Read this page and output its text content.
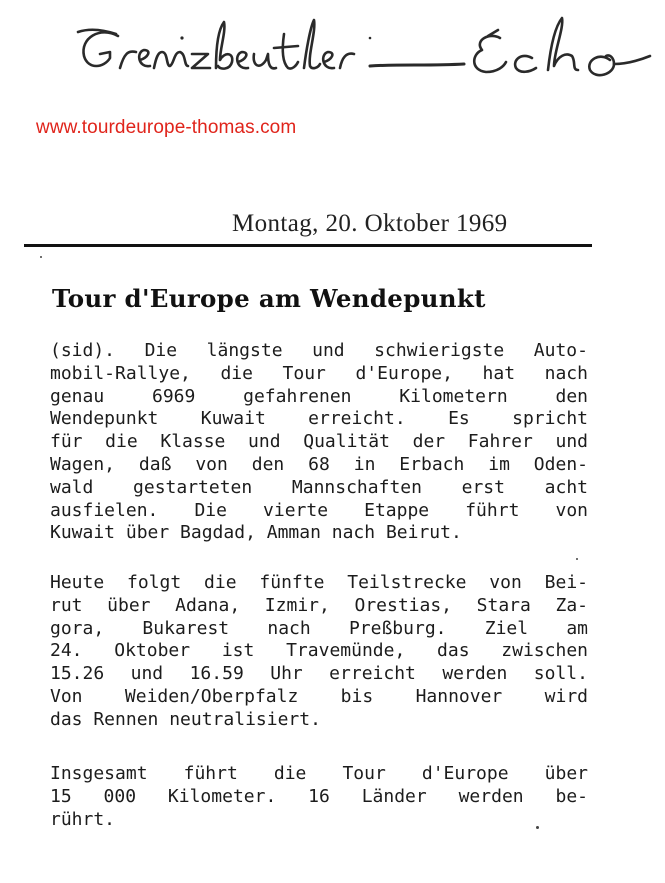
www.tourdeurope-thomas.com
Montag, 20. Oktober 1969
Tour d'Europe am Wendepunkt
(sid). Die längste und schwierigste Auto-
mobil-Rallye, die Tour d'Europe, hat nach
genau 6969 gefahrenen Kilometern den
Wendepunkt Kuwait erreicht. Es spricht
für die Klasse und Qualität der Fahrer und
Wagen, daß von den 68 in Erbach im Oden-
wald gestarteten Mannschaften erst acht
ausfielen. Die vierte Etappe führt von
Kuwait über Bagdad, Amman nach Beirut.
Heute folgt die fünfte Teilstrecke von Bei-
rut über Adana, Izmir, Orestias, Stara Za-
gora, Bukarest nach Preßburg. Ziel am
24. Oktober ist Travemünde, das zwischen
15.26 und 16.59 Uhr erreicht werden soll.
Von Weiden/Oberpfalz bis Hannover wird
das Rennen neutralisiert.
Insgesamt führt die Tour d'Europe über
15 000 Kilometer. 16 Länder werden be-
rührt.
